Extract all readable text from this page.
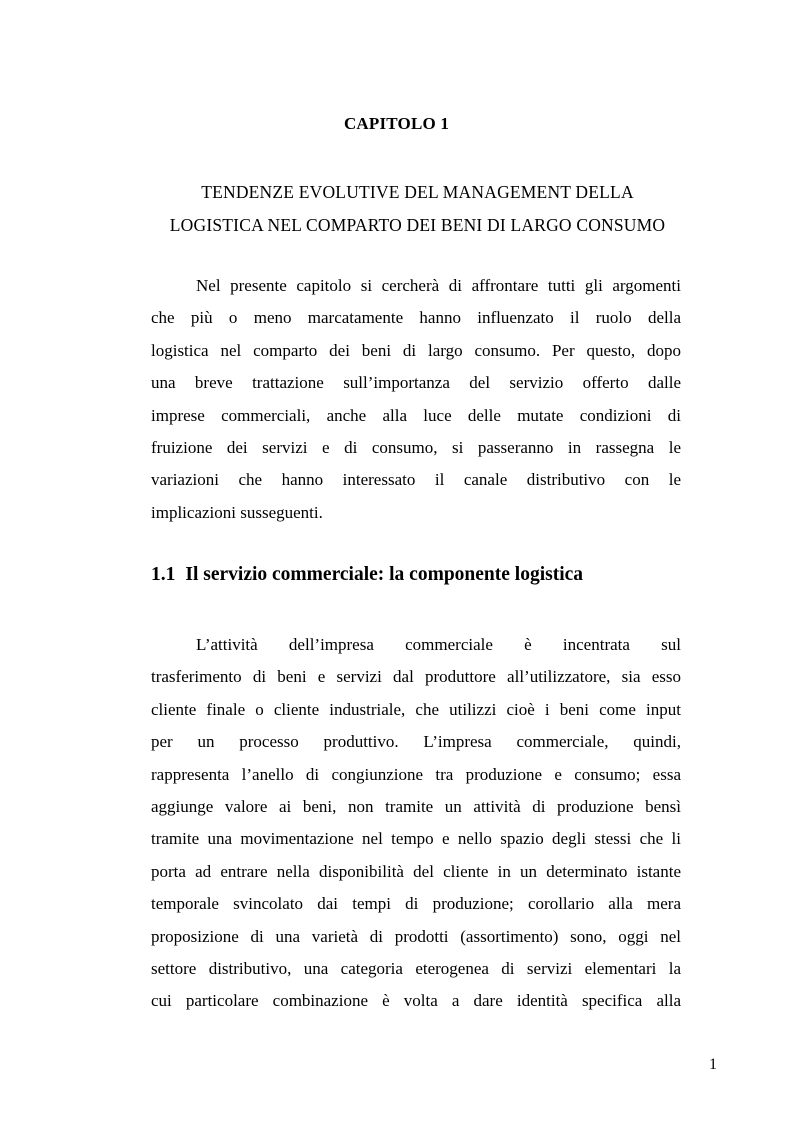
CAPITOLO 1
TENDENZE EVOLUTIVE DEL MANAGEMENT DELLA
LOGISTICA NEL COMPARTO DEI BENI DI LARGO CONSUMO
Nel presente capitolo si cercherà di affrontare tutti gli argomenti
che più o meno marcatamente hanno influenzato il ruolo della
logistica nel comparto dei beni di largo consumo. Per questo, dopo
una breve trattazione sull’importanza del servizio offerto dalle
imprese commerciali, anche alla luce delle mutate condizioni di
fruizione dei servizi e di consumo, si passeranno in rassegna le
variazioni che hanno interessato il canale distributivo con le
implicazioni susseguenti.
1.1 Il servizio commerciale: la componente logistica
L’attività dell’impresa commerciale è incentrata sul
trasferimento di beni e servizi dal produttore all’utilizzatore, sia esso
cliente finale o cliente industriale, che utilizzi cioè i beni come input
per un processo produttivo. L’impresa commerciale, quindi,
rappresenta l’anello di congiunzione tra produzione e consumo; essa
aggiunge valore ai beni, non tramite un attività di produzione bensì
tramite una movimentazione nel tempo e nello spazio degli stessi che li
porta ad entrare nella disponibilità del cliente in un determinato istante
temporale svincolato dai tempi di produzione; corollario alla mera
proposizione di una varietà di prodotti (assortimento) sono, oggi nel
settore distributivo, una categoria eterogenea di servizi elementari la
cui particolare combinazione è volta a dare identità specifica alla
1
